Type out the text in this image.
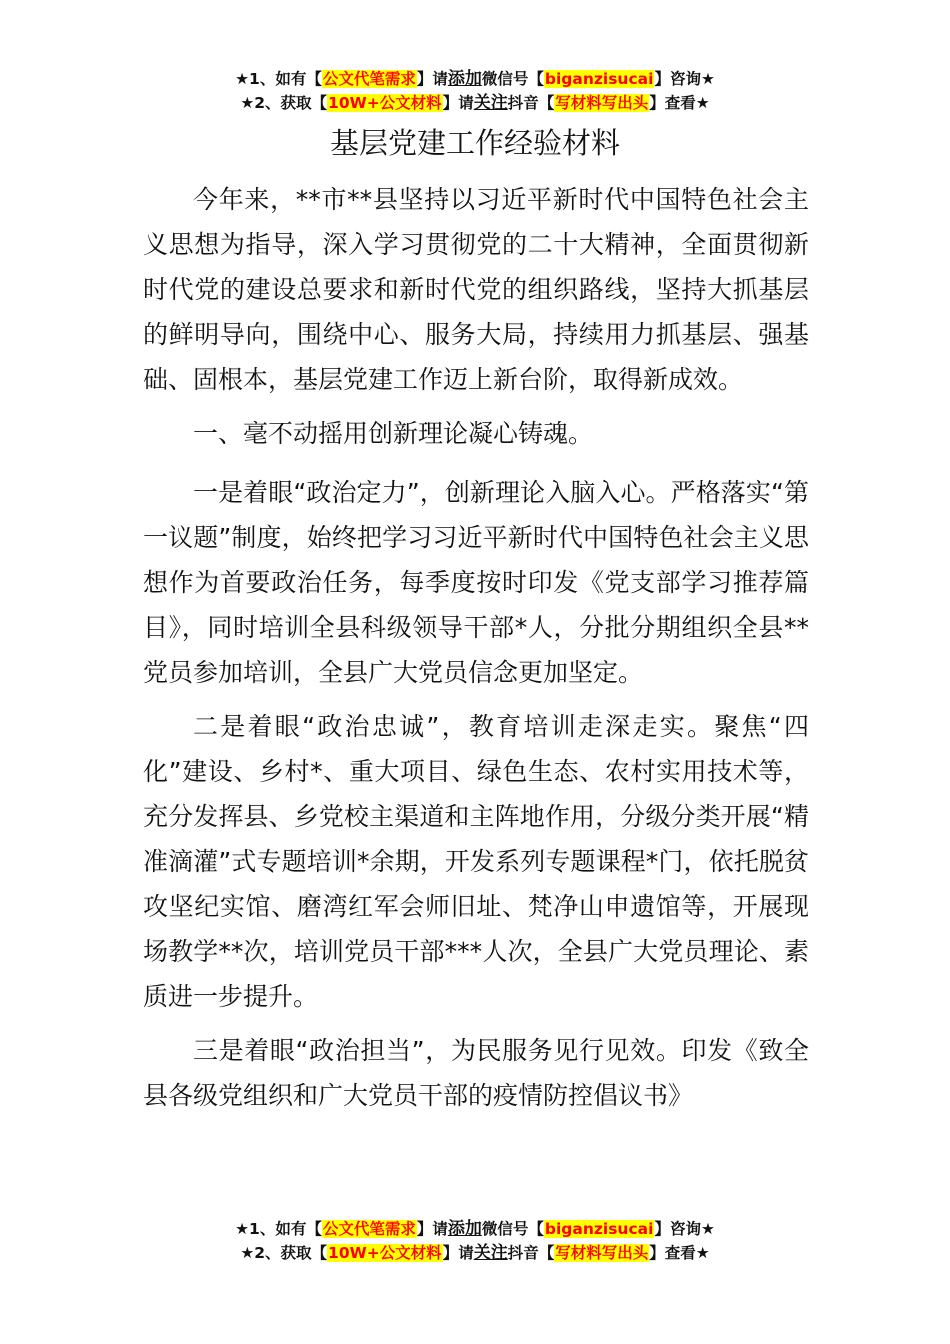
★1、如有【公文代笔需求】请添加微信号【biganzisucai】咨询★
★2、获取【10W+公文材料】请关注抖音【写材料写出头】查看★
基层党建工作经验材料

今年来，**市**县坚持以习近平新时代中国特色社会主义思想为指导，深入学习贯彻党的二十大精神，全面贯彻新时代党的建设总要求和新时代党的组织路线，坚持大抓基层的鲜明导向，围绕中心、服务大局，持续用力抓基层、强基础、固根本，基层党建工作迈上新台阶，取得新成效。

一、毫不动摇用创新理论凝心铸魂。

一是着眼“政治定力”，创新理论入脑入心。严格落实“第一议题”制度，始终把学习习近平新时代中国特色社会主义思想作为首要政治任务，每季度按时印发《党支部学习推荐篇目》，同时培训全县科级领导干部*人，分批分期组织全县**党员参加培训，全县广大党员信念更加坚定。

二是着眼“政治忠诚”，教育培训走深走实。聚焦“四化”建设、乡村*、重大项目、绿色生态、农村实用技术等，充分发挥县、乡党校主渠道和主阵地作用，分级分类开展“精准滴灌”式专题培训*余期，开发系列专题课程*门，依托脱贫攻坚纪实馆、磨湾红军会师旧址、梵净山申遗馆等，开展现场教学**次，培训党员干部***人次，全县广大党员理论、素质进一步提升。

三是着眼“政治担当”，为民服务见行见效。印发《致全县各级党组织和广大党员干部的疫情防控倡议书》

★1、如有【公文代笔需求】请添加微信号【biganzisucai】咨询★
★2、获取【10W+公文材料】请关注抖音【写材料写出头】查看★
